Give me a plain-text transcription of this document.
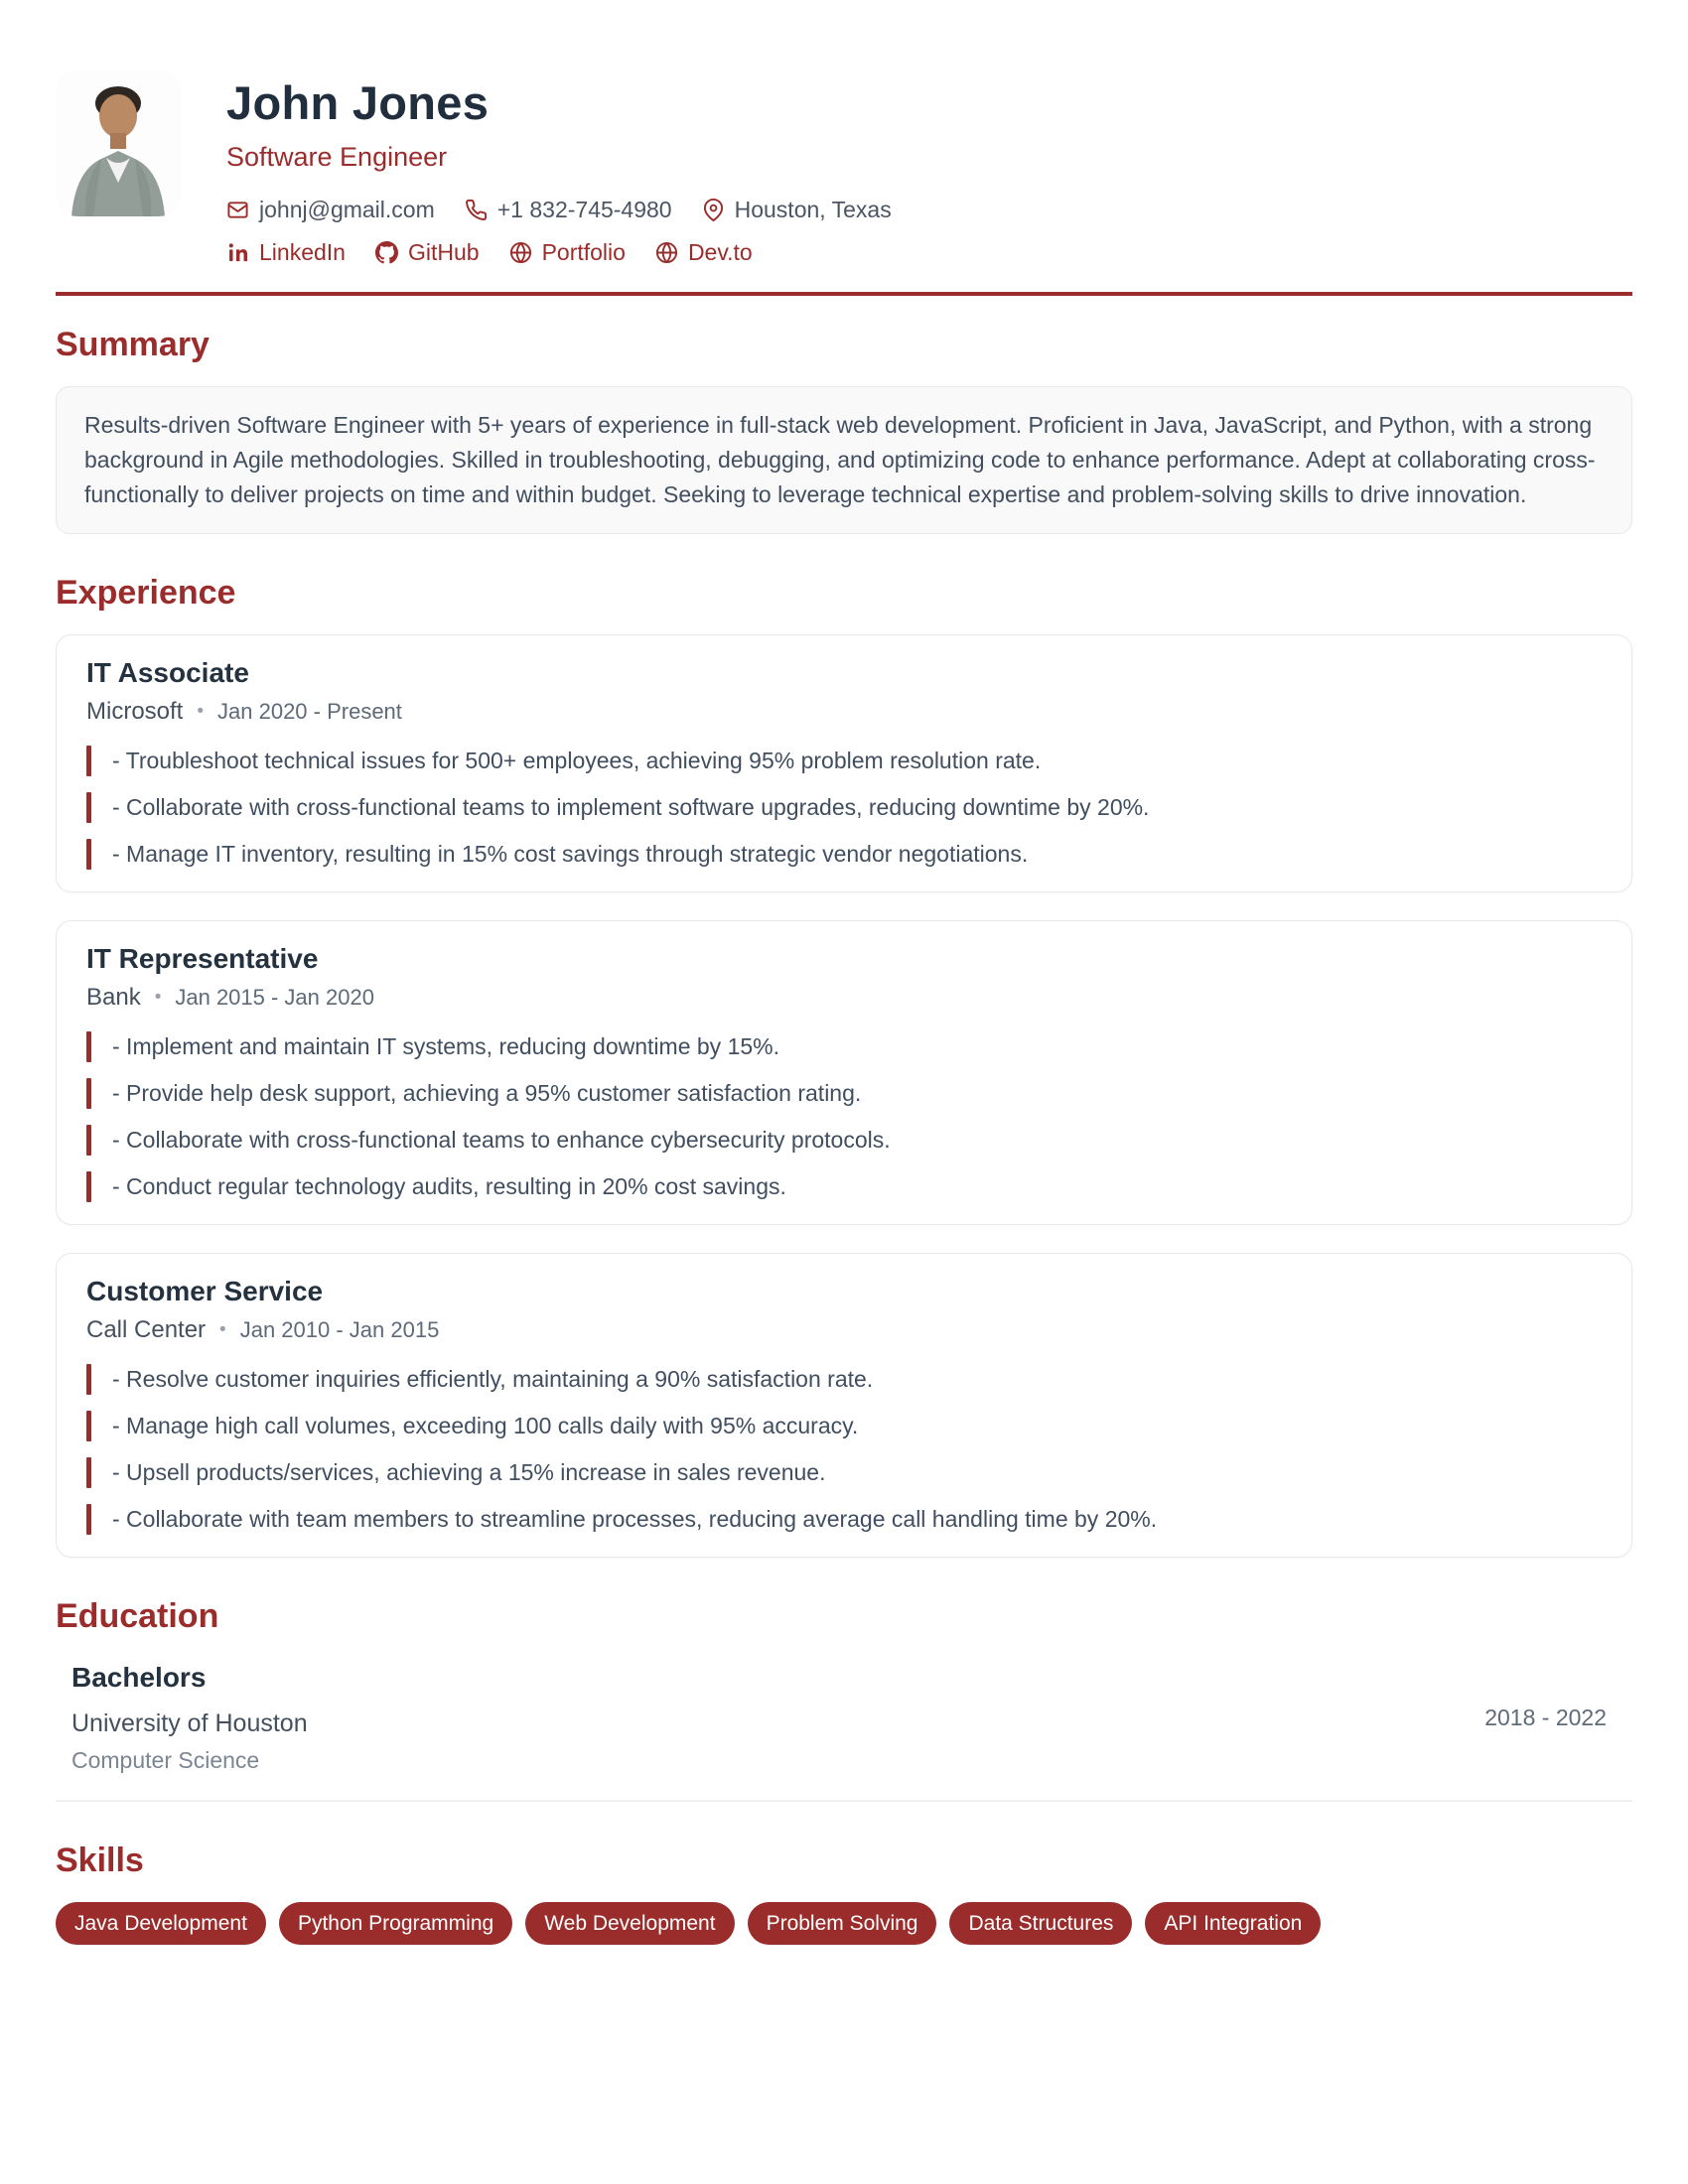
John Jones
Software Engineer
johnj@gmail.com	+1 832-745-4980	Houston, Texas
LinkedIn	GitHub	Portfolio	Dev.to
Summary
Results-driven Software Engineer with 5+ years of experience in full-stack web development. Proficient in Java, JavaScript, and Python, with a strong background in Agile methodologies. Skilled in troubleshooting, debugging, and optimizing code to enhance performance. Adept at collaborating cross-functionally to deliver projects on time and within budget. Seeking to leverage technical expertise and problem-solving skills to drive innovation.
Experience
IT Associate
Microsoft • Jan 2020 - Present
- Troubleshoot technical issues for 500+ employees, achieving 95% problem resolution rate.
- Collaborate with cross-functional teams to implement software upgrades, reducing downtime by 20%.
- Manage IT inventory, resulting in 15% cost savings through strategic vendor negotiations.
IT Representative
Bank • Jan 2015 - Jan 2020
- Implement and maintain IT systems, reducing downtime by 15%.
- Provide help desk support, achieving a 95% customer satisfaction rating.
- Collaborate with cross-functional teams to enhance cybersecurity protocols.
- Conduct regular technology audits, resulting in 20% cost savings.
Customer Service
Call Center • Jan 2010 - Jan 2015
- Resolve customer inquiries efficiently, maintaining a 90% satisfaction rate.
- Manage high call volumes, exceeding 100 calls daily with 95% accuracy.
- Upsell products/services, achieving a 15% increase in sales revenue.
- Collaborate with team members to streamline processes, reducing average call handling time by 20%.
Education
Bachelors
University of Houston
Computer Science
2018 - 2022
Skills
Java Development	Python Programming	Web Development	Problem Solving	Data Structures	API Integration
